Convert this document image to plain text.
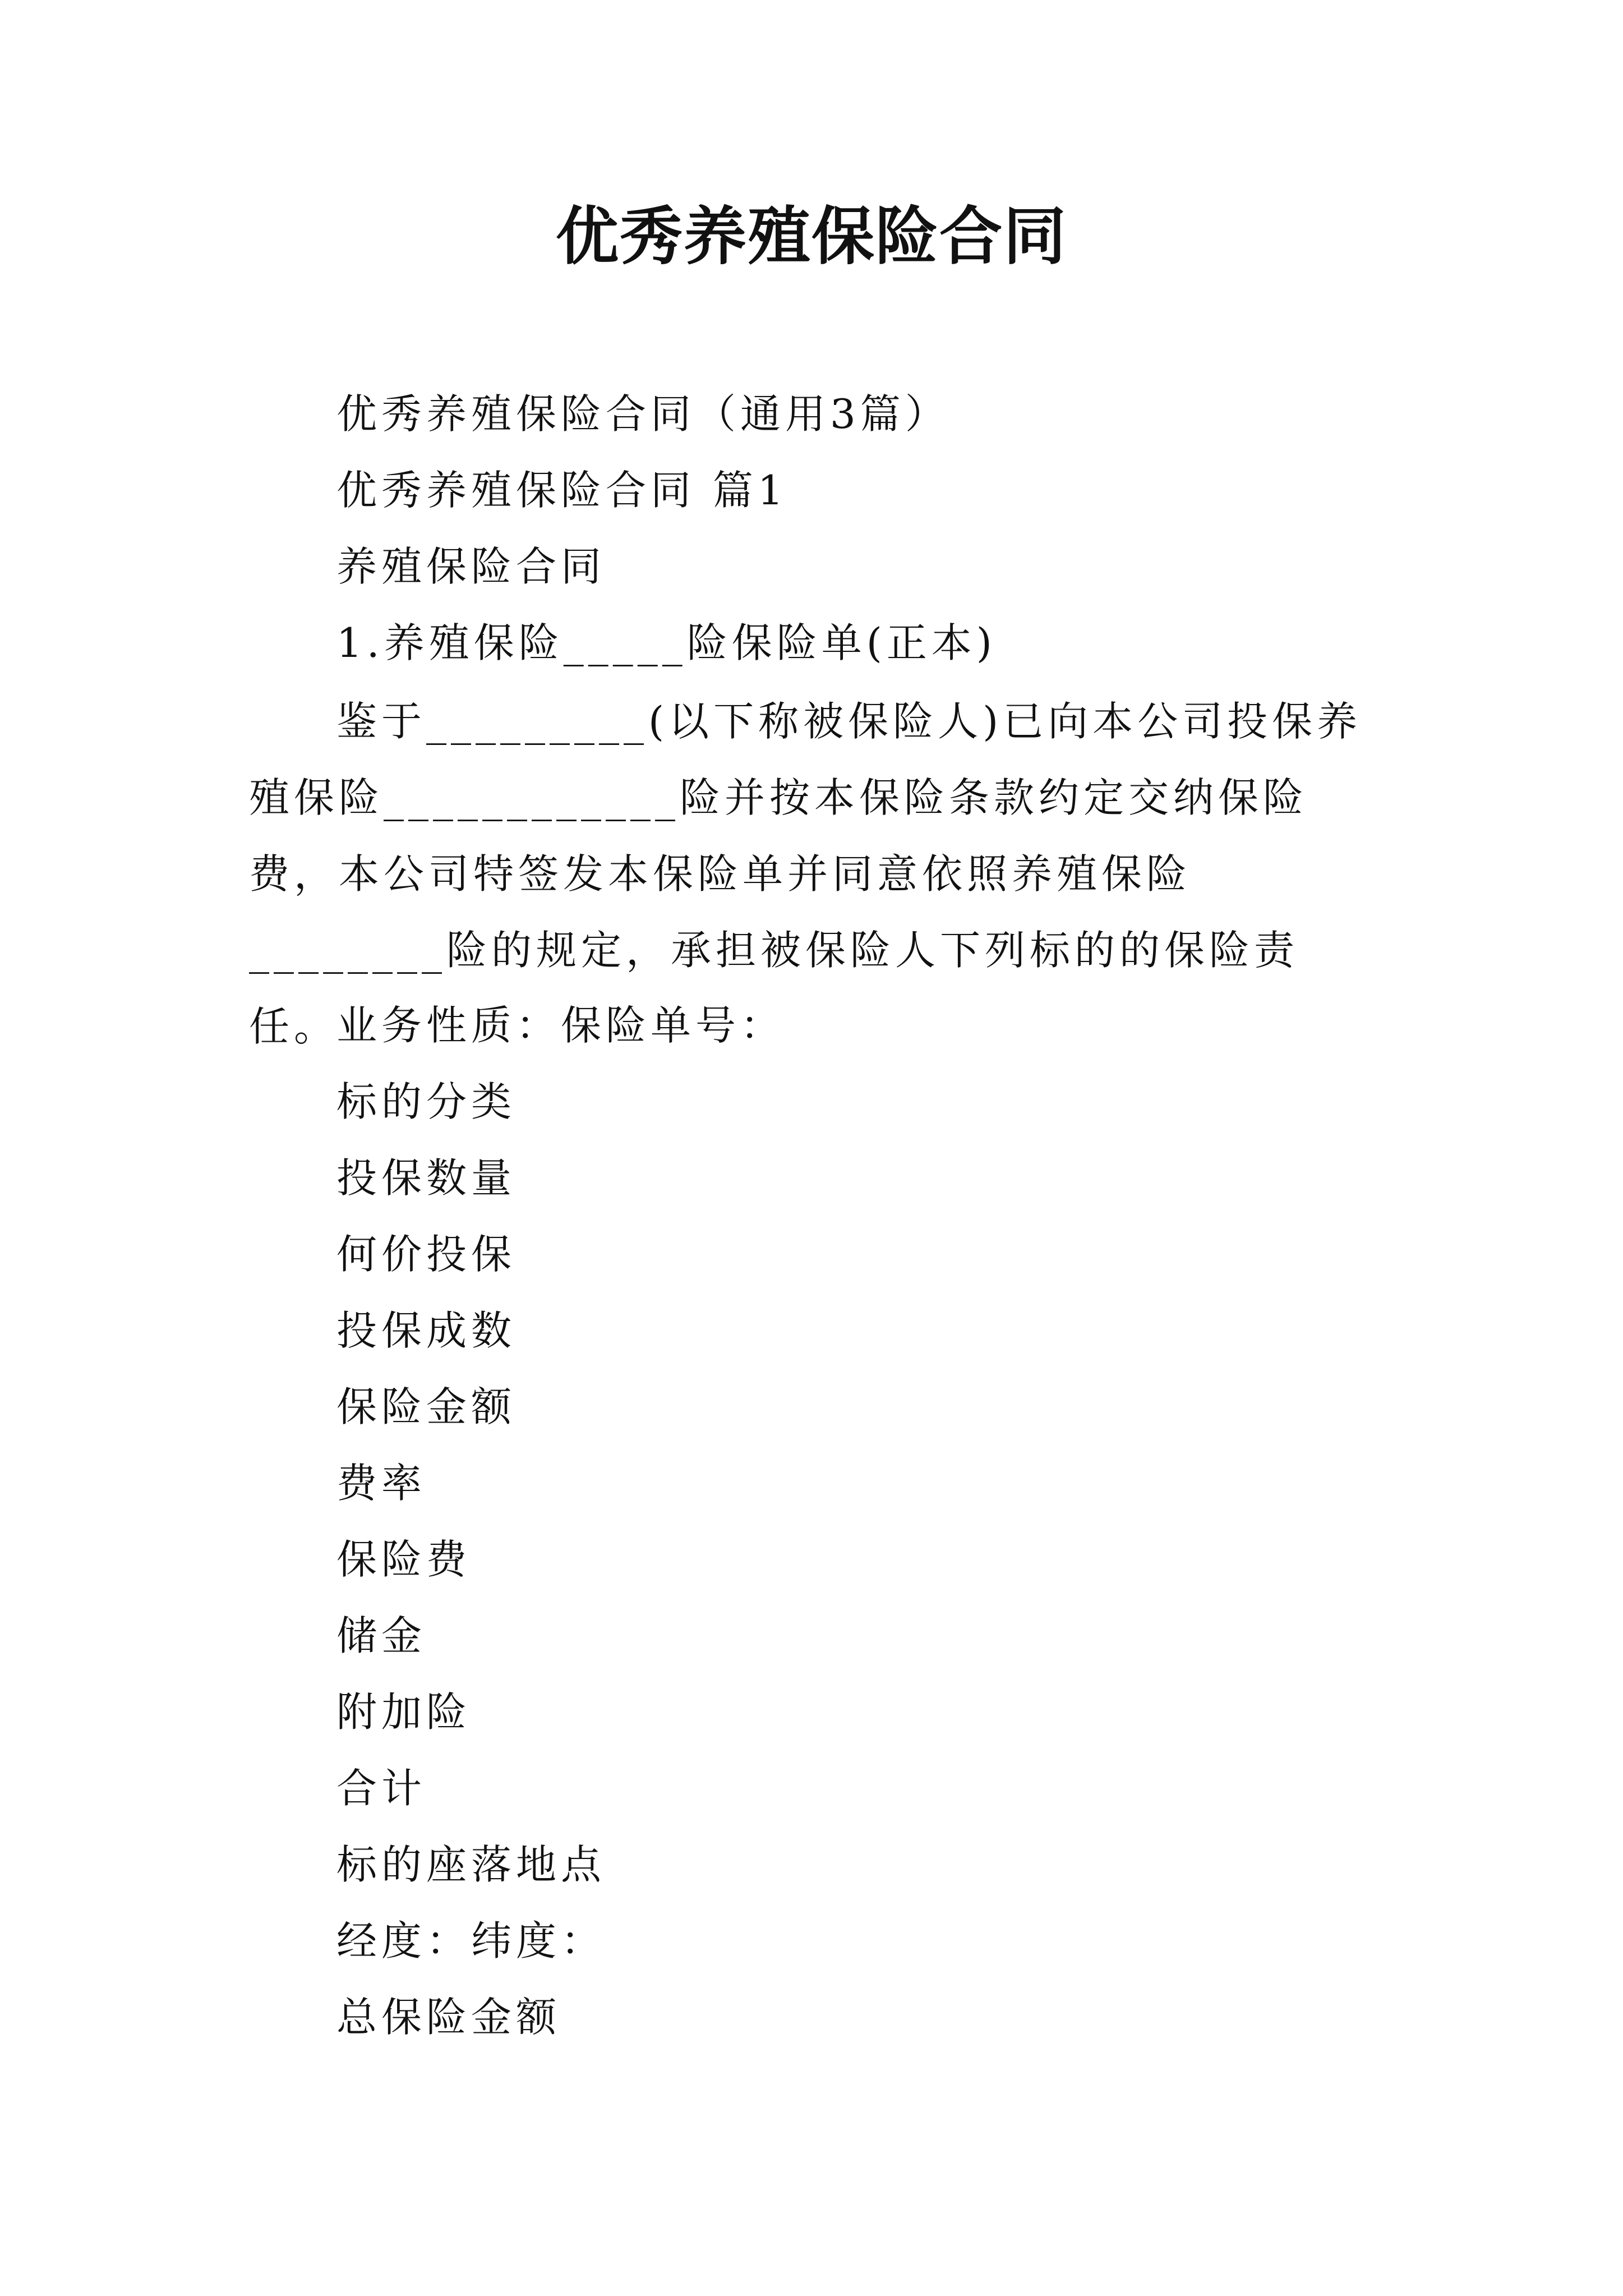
优秀养殖保险合同
优秀养殖保险合同（通用3篇）
优秀养殖保险合同 篇1
养殖保险合同
1.养殖保险_____险保险单(正本)
鉴于_________(以下称被保险人)已向本公司投保养殖保险____________险并按本保险条款约定交纳保险费，本公司特签发本保险单并同意依照养殖保险________险的规定，承担被保险人下列标的的保险责任。
业务性质：保险单号：
标的分类
投保数量
何价投保
投保成数
保险金额
费率
保险费
储金
附加险
合计
标的座落地点
经度：纬度：
总保险金额
